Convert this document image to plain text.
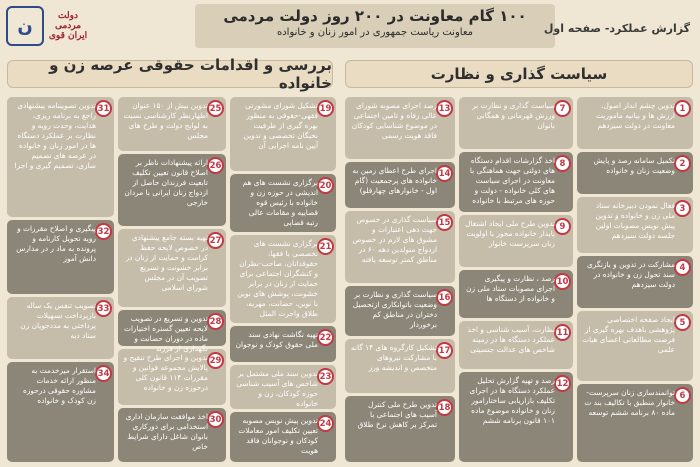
ن	دولت مردمی ایران قوی
۱۰۰ گام معاونت در ۲۰۰ روز دولت مردمی
معاونت ریاست جمهوری در امور زنان و خانواده	گزارش عملکرد- صفحه اول
سیاست گذاری و نظارت
بررسی و اقدامات حقوقی عرصه زن و خانواده
1
تدوین چشم انداز اصول، ارزش ها و بیانیه ماموریت معاونت در دولت سیزدهم
2
تکمیل سامانه رصد و پایش وضعیت زنان و خانواده
3
فعال نمودن دبیرخانه ستاد ملی زن و خانواده و تدوین پیش نویس مصوبات اولین جلسه دولت سیزدهم
4
مشارکت در تدوین و بازنگری سند تحول زن و خانواده در دولت سیزدهم
5
ایجاد صفحه اختصاصی پژوهشی باهدف بهره گیری از فرصت مطالعاتی اعضای هیات علمی
6
توانمندسازی زنان سرپرست- خانوار منطبق با تکالیف بند ت ماده ۸۰ برنامه ششم توسعه
7
سیاست گذاری و نظارت بر ورزش قهرمانی و همگانی بانوان
8
اخذ گزارشات اقدام دستگاه های دولتی جهت هماهنگی با معاونت در اجرای سیاست های کلی خانواده - دولت و حوزه های مرتبط با خانواده
9
تدوین طرح ملی ایجاد اشتغال پایدار خانواده محور با اولویت زنان سرپرست خانوار
10
رصد ، نظارت و پیگیری اجرای مصوبات ستاد ملی زن و خانواده از دستگاه ها
11
نظارت، آسیب شناسی و اخذ عملکرد دستگاه ها در زمینه شاخص های عدالت جنسیتی
12
رصد و تهیه گزارش تحلیل عملکرد دستگاه ها در اجرای تکلیف بازاریابی ساختارامور زنان و خانواده موضوع ماده ۱۰۱ قانون برنامه ششم
13
رصد اجرای مصوبه شورای عالی رفاه و تامین اجتماعی در موضوع شناسایی کودکان فاقد هویت رسمی
14
اجرای طرح اعطای زمین به خانواده های پرجمعیت (گام اول - خانوارهای چهارقلو)
15
سیاست گذاری در خصوص جهت دهی اعتبارات و مشوق های لازم در خصوص ازدواج متولدین دهه ۶۰ در مناطق کمتر توسعه یافته
16
سیاست گذاری و نظارت بر وضعیت باتوانکاری ازتحصیل دختران در مناطق کم برخوردار
17
تشکیل کارگروه های ۱۴ گانه با مشارکت نیروهای متخصص و اندیشه ورز
18
تدوین طرح ملی کنترل آسیب های اجتماعی با تمرکز بر کاهش نرخ طلاق
19
تشکیل شورای مشورتی فقهی-حقوقی به منظور بهره گیری از ظرفیت نخبگان تخصصی و تدوین آیین نامه اجرایی آن
20
برگزاری نشست های هم اندیشی در حوزه زن و خانواده با رئیس قوه قضاییه و مقامات عالی رتبه قضایی
21
برگزاری نشست های تخصصی با فقها، حقوقدانان، صاحب-نظران و کنشگران اجتماعی برای حمایت از زنان در برابر خشونت، پوشش های نوین با نوین، حضانت، مهریه، طلاق واجرت المثل
22
تهیه نگاشت نهادی سند ملی حقوق کودک و نوجوان
23
تدوین سند ملی مشتمل بر شاخص های آسیب شناسی حوزه کودکان، زن و خانواده
24
تدوین پیش نویس مصوبه تعیین تکلیف امور معاملات کودکان و نوجوانان فاقد هویت
25
تدوین بیش از ۱۵۰ عنوان اظهارنظر کارشناسی نسبت به لوایح دولت و طرح های مجلس
26
ارائه پیشنهادات ناظر بر اصلاح قانون تعیین تکلیف تابعیت فرزندان حاصل از ازدواج زنان ایرانی با مردان خارجی
27
تهیه بسته جامع پیشنهادی در خصوص لایحه حفظ کرامت و حمایت از زنان در برابر خشونت و تسریع تصویب آن در مجلس شورای اسلامی
28
تدوین و تسریع در تصویب لایحه تعیین گستره اختیارات ماده در دوران حضانت و نگهداری از فرزند
29
تدوین و اجرای طرح تنقیح و پالایش مجموعه قوانین و مقررات ۱۱۴ قانون کلی درحوزه زن و خانواده
30
اخذ موافقت سازمان اداری استخدامی برای دورکاری بانوان شاغل دارای شرایط خاص
31
تدوین تصویبنامه پیشنهادی راجع به برنامه ریزی، هدایت، وحدت رویه و نظارت بر عملکرد دستگاه ها در امور زنان و خانواده در عرصه های تصمیم سازی، تصمیم گیری و اجرا
32
پیگیری و اصلاح مقررات و رویه تحویل کارنامه و پرونده به ماد ر در مدارس دانش آموز
33
تصویب تنفس یک ساله بازپرداخت تسهیلات پرداختی به مددجویان زن ستاد دیه
34
استقرار میزخدمت به منظور ارائه خدمات مشاوره حقوقی درحوزه زن کودک و خانواده
